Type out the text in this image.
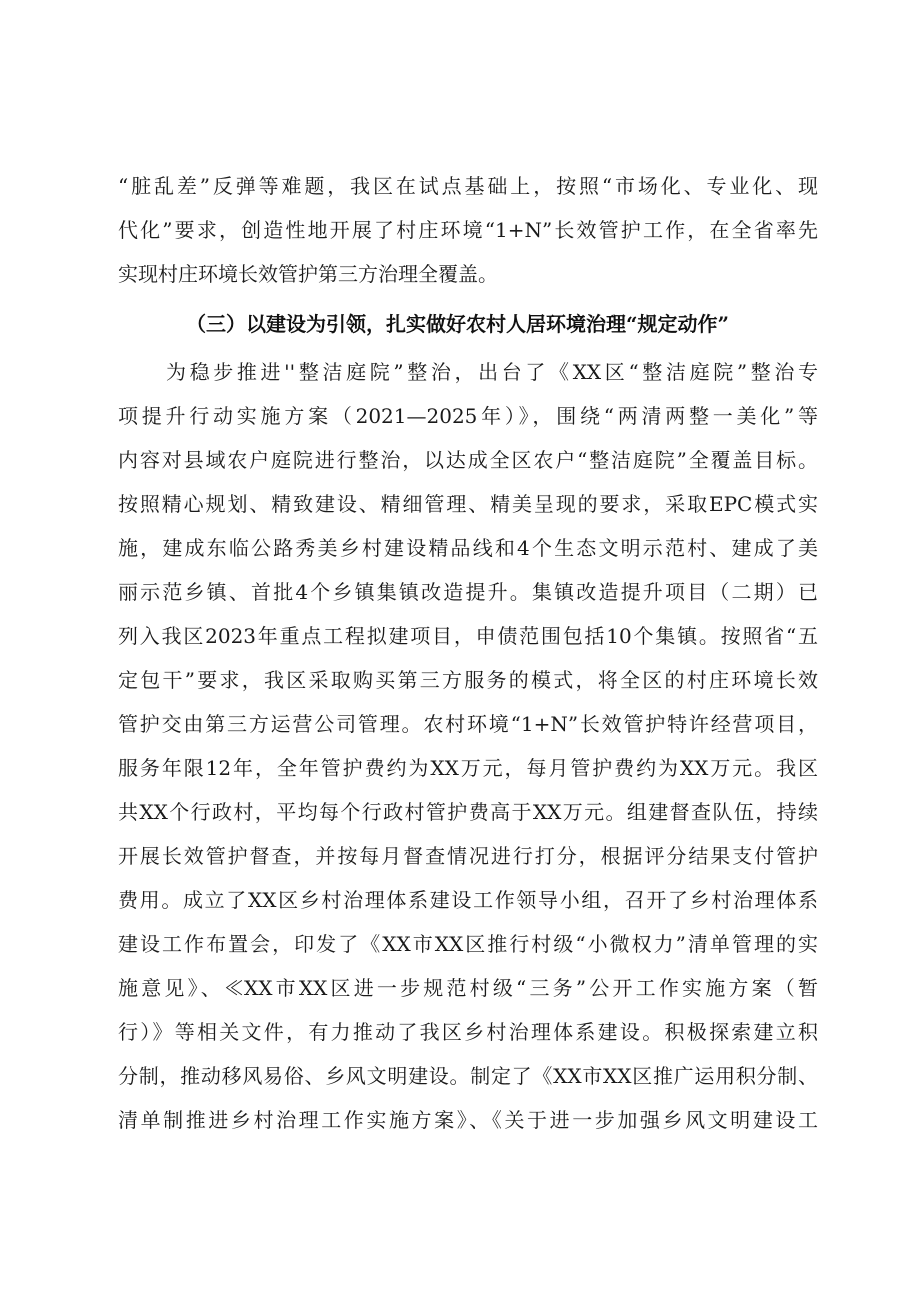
“脏乱差”反弹等难题，我区在试点基础上，按照“市场化、专业化、现
代化”要求，创造性地开展了村庄环境“1+N”长效管护工作，在全省率先
实现村庄环境长效管护第三方治理全覆盖。
（三）以建设为引领，扎实做好农村人居环境治理“规定动作”
为稳步推进''整洁庭院”整治，出台了《XX区“整洁庭院”整治专
项提升行动实施方案（2021—2025年）》，围绕“两清两整一美化”等
内容对县域农户庭院进行整治，以达成全区农户“整洁庭院”全覆盖目标。
按照精心规划、精致建设、精细管理、精美呈现的要求，采取EPC模式实
施，建成东临公路秀美乡村建设精品线和4个生态文明示范村、建成了美
丽示范乡镇、首批4个乡镇集镇改造提升。集镇改造提升项目（二期）已
列入我区2023年重点工程拟建项目，申债范围包括10个集镇。按照省“五
定包干”要求，我区采取购买第三方服务的模式，将全区的村庄环境长效
管护交由第三方运营公司管理。农村环境“1+N”长效管护特许经营项目，
服务年限12年，全年管护费约为XX万元，每月管护费约为XX万元。我区
共XX个行政村，平均每个行政村管护费高于XX万元。组建督查队伍，持续
开展长效管护督查，并按每月督查情况进行打分，根据评分结果支付管护
费用。成立了XX区乡村治理体系建设工作领导小组，召开了乡村治理体系
建设工作布置会，印发了《XX市XX区推行村级“小微权力”清单管理的实
施意见》、≪XX市XX区进一步规范村级“三务”公开工作实施方案（暂
行）》等相关文件，有力推动了我区乡村治理体系建设。积极探索建立积
分制，推动移风易俗、乡风文明建设。制定了《XX市XX区推广运用积分制、
清单制推进乡村治理工作实施方案》、《关于进一步加强乡风文明建设工
